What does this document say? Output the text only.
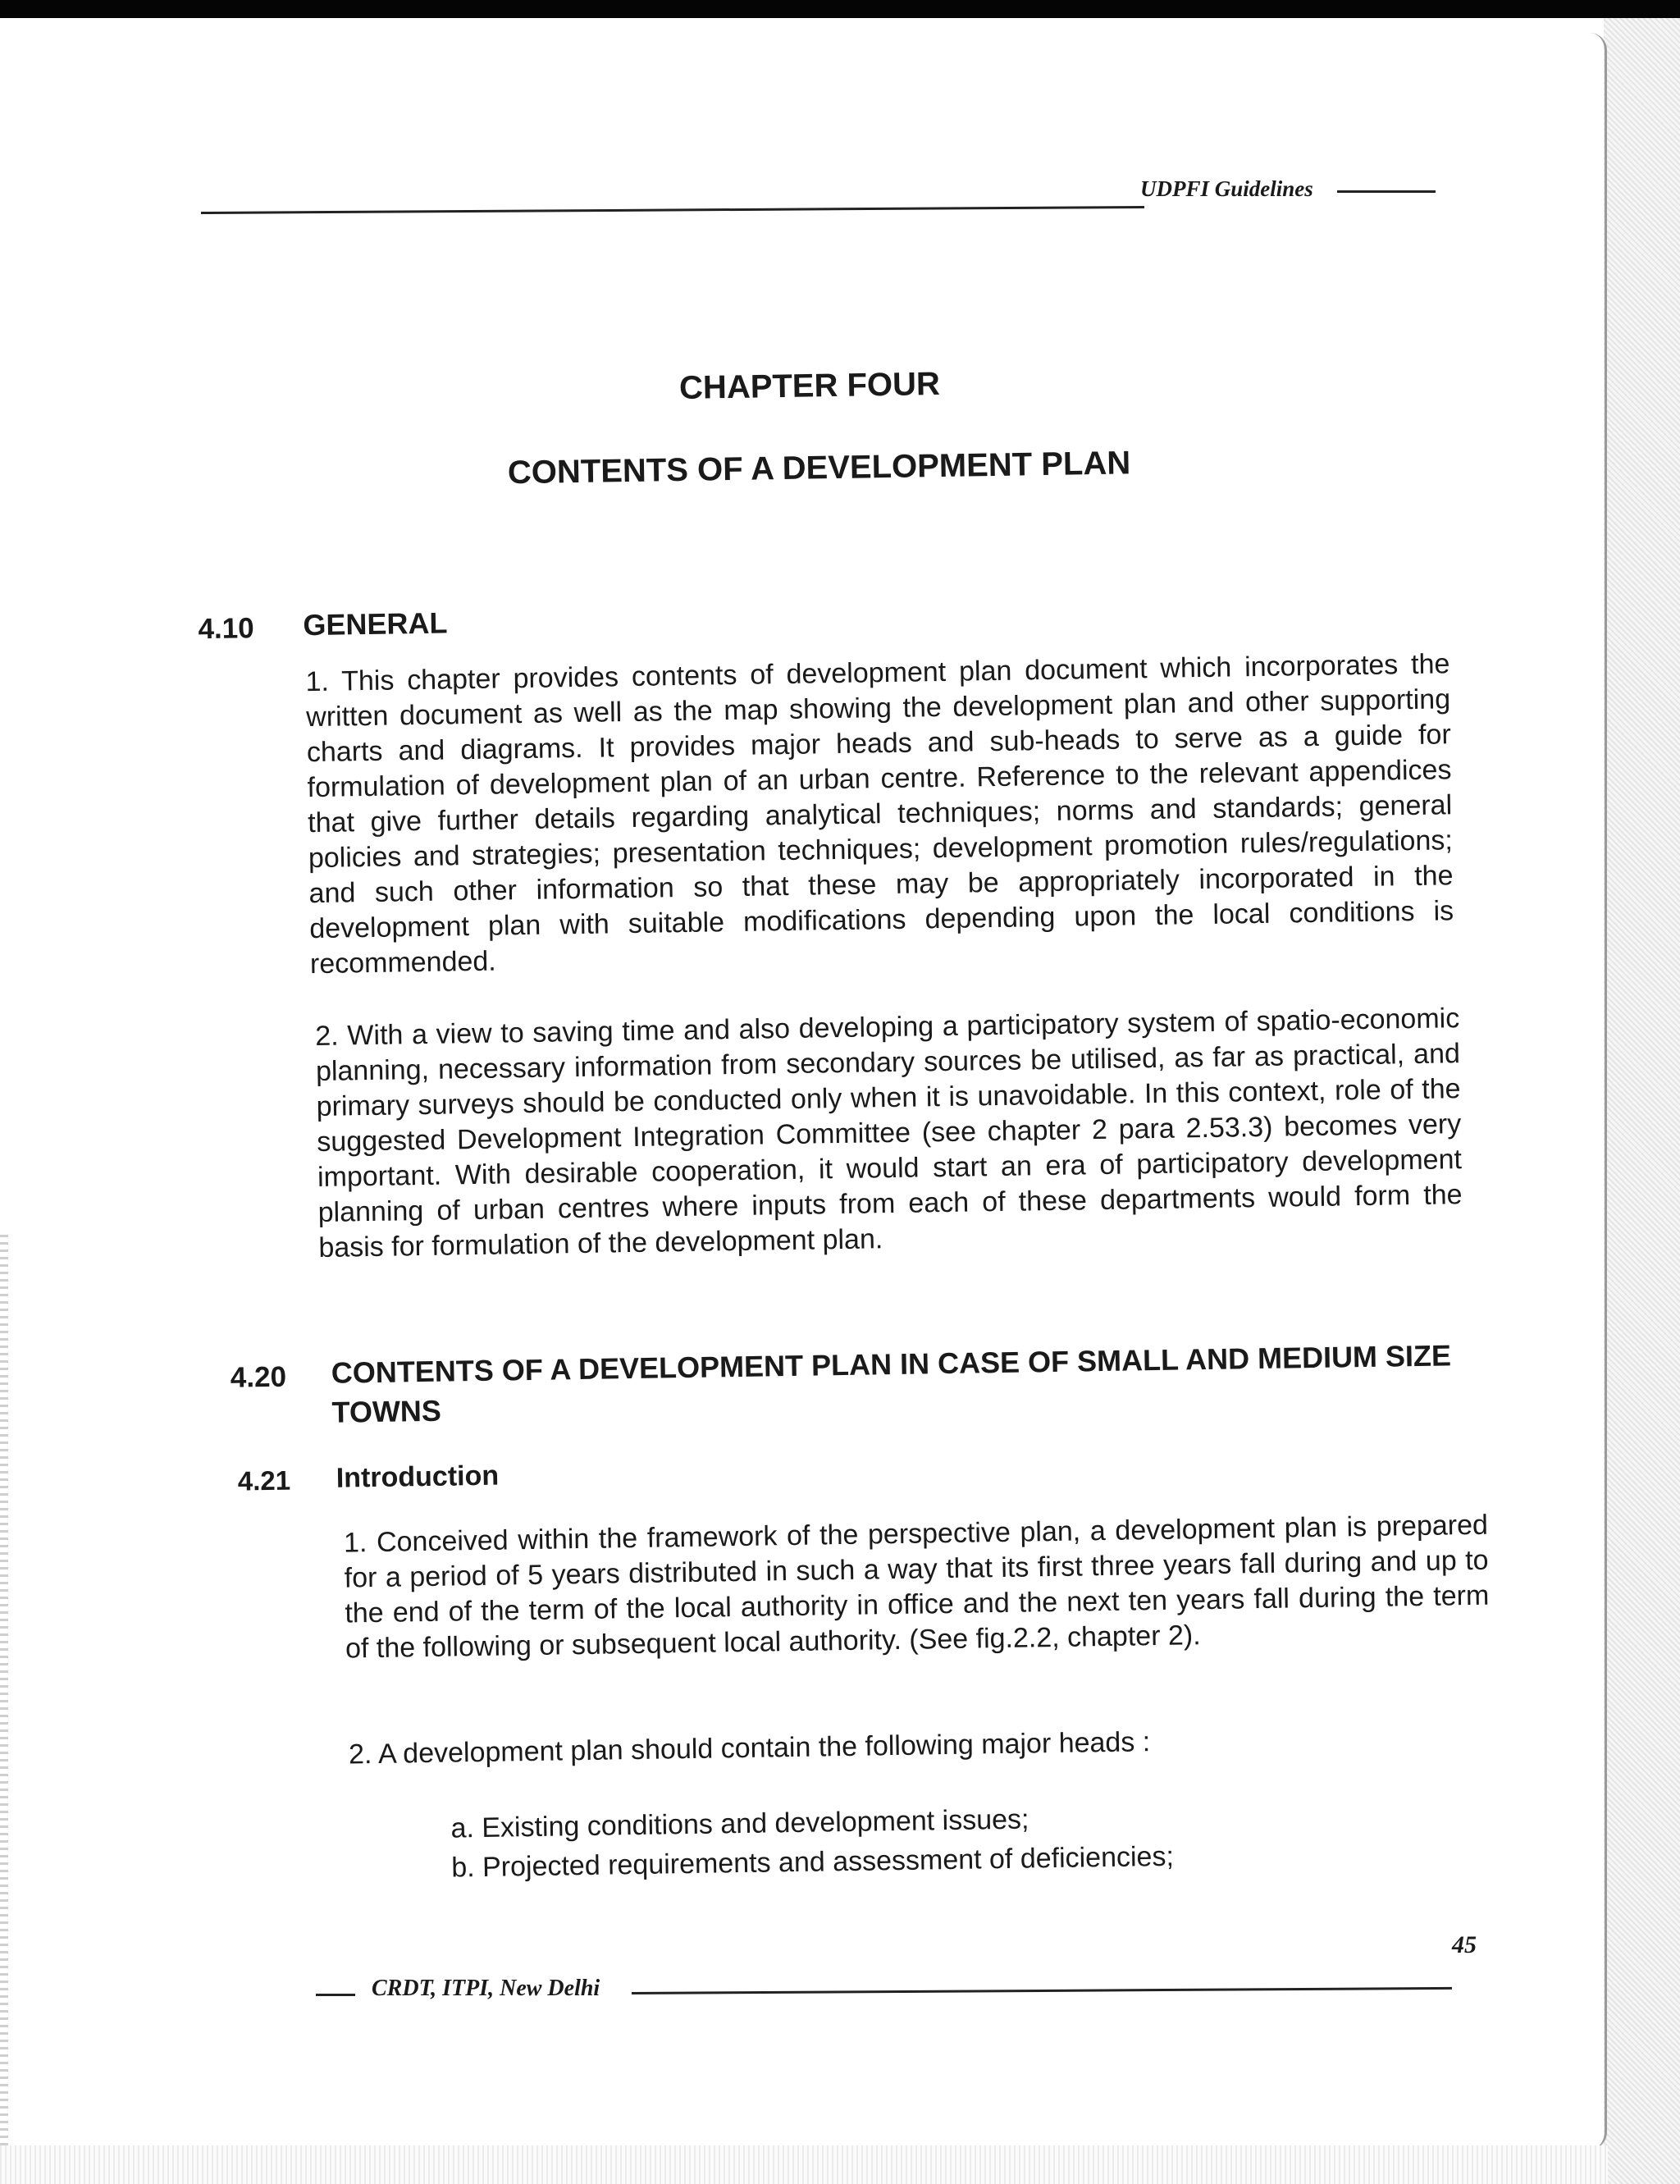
UDPFI Guidelines
CHAPTER FOUR
CONTENTS OF A DEVELOPMENT PLAN
4.10 GENERAL
1. This chapter provides contents of development plan document which incorporates the written document as well as the map showing the development plan and other supporting charts and diagrams. It provides major heads and sub-heads to serve as a guide for formulation of development plan of an urban centre. Reference to the relevant appendices that give further details regarding analytical techniques; norms and standards; general policies and strategies; presentation techniques; development promotion rules/regulations; and such other information so that these may be appropriately incorporated in the development plan with suitable modifications depending upon the local conditions is recommended.
2. With a view to saving time and also developing a participatory system of spatio-economic planning, necessary information from secondary sources be utilised, as far as practical, and primary surveys should be conducted only when it is unavoidable. In this context, role of the suggested Development Integration Committee (see chapter 2 para 2.53.3) becomes very important. With desirable cooperation, it would start an era of participatory development planning of urban centres where inputs from each of these departments would form the basis for formulation of the development plan.
4.20 CONTENTS OF A DEVELOPMENT PLAN IN CASE OF SMALL AND MEDIUM SIZE TOWNS
4.21 Introduction
1. Conceived within the framework of the perspective plan, a development plan is prepared for a period of 5 years distributed in such a way that its first three years fall during and up to the end of the term of the local authority in office and the next ten years fall during the term of the following or subsequent local authority. (See fig.2.2, chapter 2).
2. A development plan should contain the following major heads :
a. Existing conditions and development issues;
b. Projected requirements and assessment of deficiencies;
CRDT, ITPI, New Delhi
45
